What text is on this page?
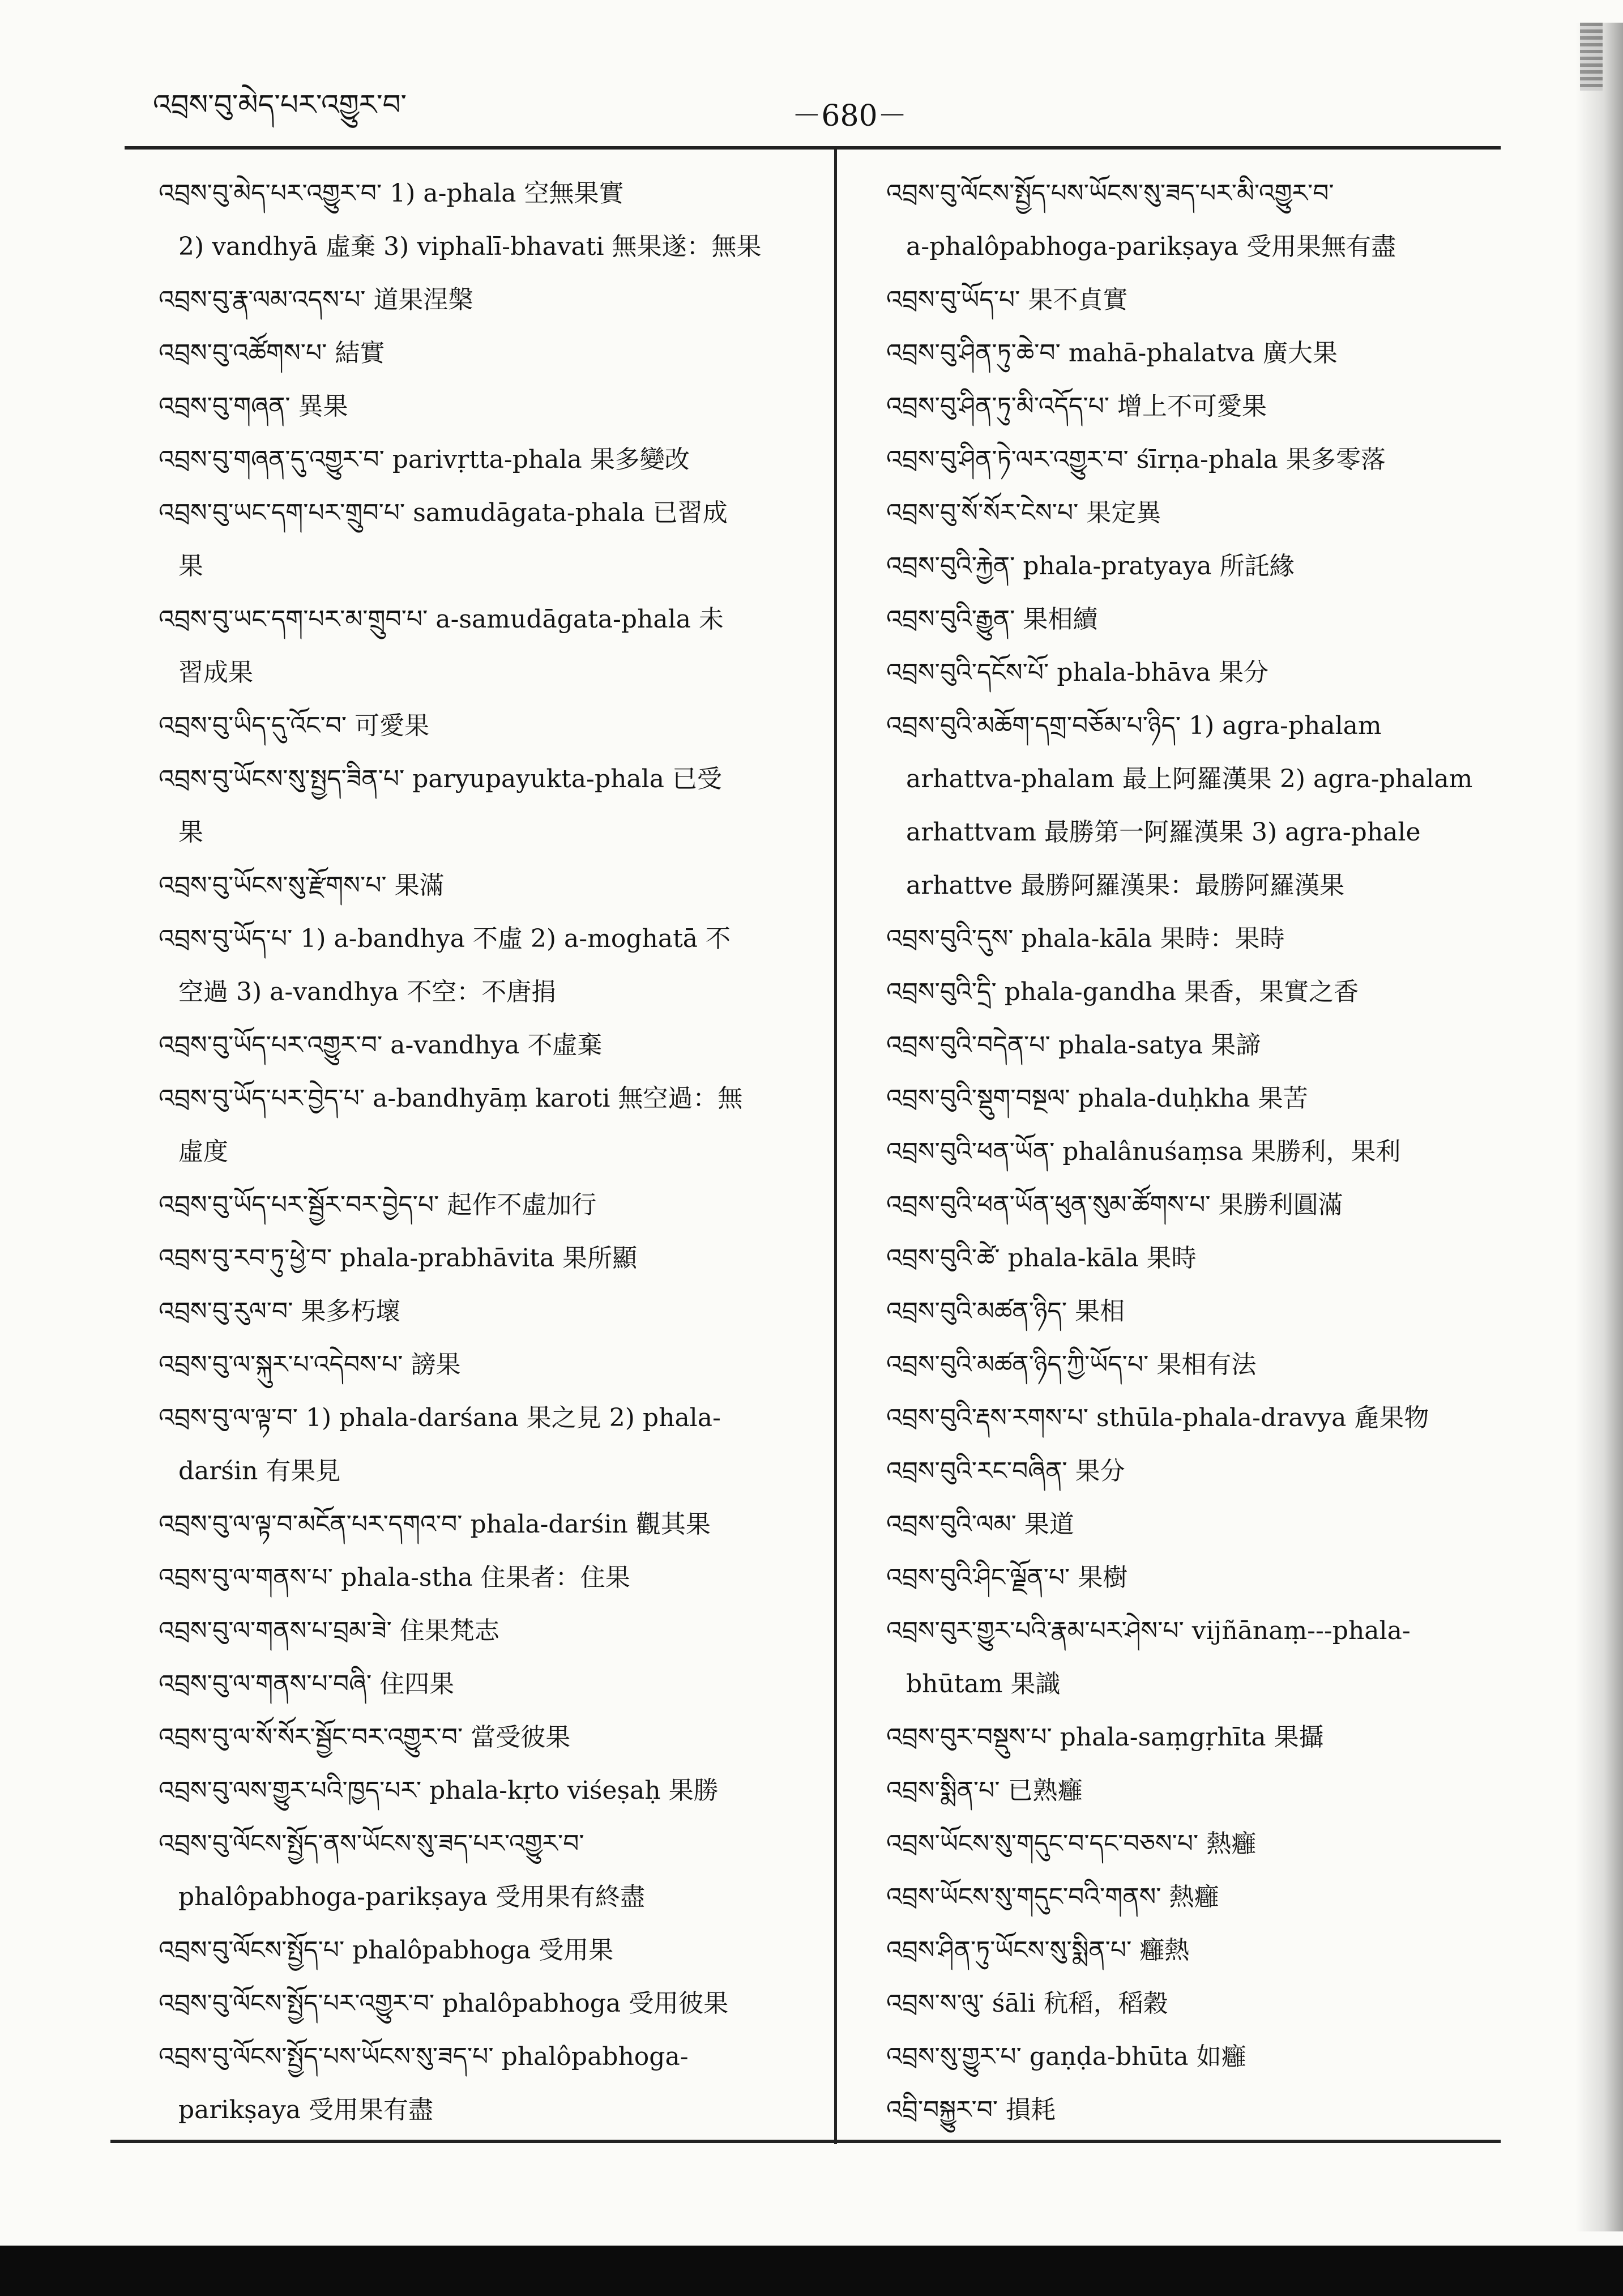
འབྲས་བུ་མེད་པར་འགྱུར་བ་	－680－
འབྲས་བུ་མེད་པར་འགྱུར་བ་ 1) a-phala 空無果實
2) vandhyā 虛棄 3) viphalī-bhavati 無果遂：無果
འབྲས་བུ་རྣ་ལམ་འདས་པ་ 道果涅槃
འབྲས་བུ་འཚོགས་པ་ 結實
འབྲས་བུ་གཞན་ 異果
འབྲས་བུ་གཞན་དུ་འགྱུར་བ་ parivṛtta-phala 果多變改
འབྲས་བུ་ཡང་དག་པར་གྲུབ་པ་ samudāgata-phala 已習成
果
འབྲས་བུ་ཡང་དག་པར་མ་གྲུབ་པ་ a-samudāgata-phala 未
習成果
འབྲས་བུ་ཡིད་དུ་འོང་བ་ 可愛果
འབྲས་བུ་ཡོངས་སུ་སྤྱད་ཟིན་པ་ paryupayukta-phala 已受
果
འབྲས་བུ་ཡོངས་སུ་རྫོགས་པ་ 果滿
འབྲས་བུ་ཡོད་པ་ 1) a-bandhya 不虛 2) a-moghatā 不
空過 3) a-vandhya 不空：不唐捐
འབྲས་བུ་ཡོད་པར་འགྱུར་བ་ a-vandhya 不虛棄
འབྲས་བུ་ཡོད་པར་བྱེད་པ་ a-bandhyāṃ karoti 無空過：無
虛度
འབྲས་བུ་ཡོད་པར་སྦྱོར་བར་བྱེད་པ་ 起作不虛加行
འབྲས་བུ་རབ་ཏུ་ཕྱེ་བ་ phala-prabhāvita 果所顯
འབྲས་བུ་རུལ་བ་ 果多朽壞
འབྲས་བུ་ལ་སྐུར་པ་འདེབས་པ་ 謗果
འབྲས་བུ་ལ་ལྟ་བ་ 1) phala-darśana 果之見 2) phala-
darśin 有果見
འབྲས་བུ་ལ་ལྟ་བ་མངོན་པར་དགའ་བ་ phala-darśin 觀其果
འབྲས་བུ་ལ་གནས་པ་ phala-stha 住果者：住果
འབྲས་བུ་ལ་གནས་པ་བྲམ་ཟེ་ 住果梵志
འབྲས་བུ་ལ་གནས་པ་བཞི་ 住四果
འབྲས་བུ་ལ་སོ་སོར་སྦྱོང་བར་འགྱུར་བ་ 當受彼果
འབྲས་བུ་ལས་གྱུར་པའི་ཁྱད་པར་ phala-kṛto viśeṣaḥ 果勝
འབྲས་བུ་ལོངས་སྤྱོད་ནས་ཡོངས་སུ་ཟད་པར་འགྱུར་བ་
phalôpabhoga-parikṣaya 受用果有終盡
འབྲས་བུ་ལོངས་སྤྱོད་པ་ phalôpabhoga 受用果
འབྲས་བུ་ལོངས་སྤྱོད་པར་འགྱུར་བ་ phalôpabhoga 受用彼果
འབྲས་བུ་ལོངས་སྤྱོད་པས་ཡོངས་སུ་ཟད་པ་ phalôpabhoga-
parikṣaya 受用果有盡
འབྲས་བུ་ལོངས་སྤྱོད་པས་ཡོངས་སུ་ཟད་པར་མི་འགྱུར་བ་
a-phalôpabhoga-parikṣaya 受用果無有盡
འབྲས་བུ་ཡོད་པ་ 果不貞實
འབྲས་བུ་ཤིན་ཏུ་ཆེ་བ་ mahā-phalatva 廣大果
འབྲས་བུ་ཤིན་ཏུ་མི་འདོད་པ་ 增上不可愛果
འབྲས་བུ་ཤིན་ཏེ་ལར་འགྱུར་བ་ śīrṇa-phala 果多零落
འབྲས་བུ་སོ་སོར་ངེས་པ་ 果定異
འབྲས་བུའི་རྐྱེན་ phala-pratyaya 所託緣
འབྲས་བུའི་རྒྱུན་ 果相續
འབྲས་བུའི་དངོས་པོ་ phala-bhāva 果分
འབྲས་བུའི་མཆོག་དགྲ་བཅོམ་པ་ཉིད་ 1) agra-phalam
arhattva-phalam 最上阿羅漢果 2) agra-phalam
arhattvam 最勝第一阿羅漢果 3) agra-phale
arhattve 最勝阿羅漢果：最勝阿羅漢果
འབྲས་བུའི་དུས་ phala-kāla 果時：果時
འབྲས་བུའི་དྲི་ phala-gandha 果香，果實之香
འབྲས་བུའི་བདེན་པ་ phala-satya 果諦
འབྲས་བུའི་སྡུག་བསྔལ་ phala-duḥkha 果苦
འབྲས་བུའི་ཕན་ཡོན་ phalânuśaṃsa 果勝利，果利
འབྲས་བུའི་ཕན་ཡོན་ཕུན་སུམ་ཚོགས་པ་ 果勝利圓滿
འབྲས་བུའི་ཚེ་ phala-kāla 果時
འབྲས་བུའི་མཚན་ཉིད་ 果相
འབྲས་བུའི་མཚན་ཉིད་ཀྱི་ཡོད་པ་ 果相有法
འབྲས་བུའི་རྡས་རགས་པ་ sthūla-phala-dravya 麁果物
འབྲས་བུའི་རང་བཞིན་ 果分
འབྲས་བུའི་ལམ་ 果道
འབྲས་བུའི་ཤིང་ལྗོན་པ་ 果樹
འབྲས་བུར་གྱུར་པའི་རྣམ་པར་ཤེས་པ་ vijñānaṃ---phala-
bhūtam 果識
འབྲས་བུར་བསྡུས་པ་ phala-saṃgṛhīta 果攝
འབྲས་སྨིན་པ་ 已熟癰
འབྲས་ཡོངས་སུ་གདུང་བ་དང་བཅས་པ་ 熱癰
འབྲས་ཡོངས་སུ་གདུང་བའི་གནས་ 熱癰
འབྲས་ཤིན་ཏུ་ཡོངས་སུ་སྨིན་པ་ 癰熱
འབྲས་ས་ལུ་ śāli 秔稻，稻穀
འབྲས་སུ་གྱུར་པ་ gaṇḍa-bhūta 如癰
འབྲི་བསྐྱུར་བ་ 損耗
